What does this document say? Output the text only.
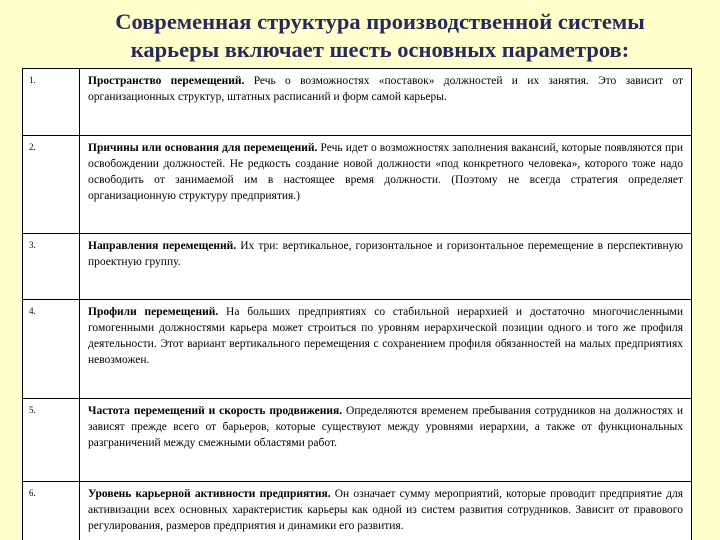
Современная структура производственной системы
карьеры включает шесть основных параметров:
1.	Пространство перемещений. Речь о возможностях «поставок» должностей и их занятия. Это зависит от организационных структур, штатных расписаний и форм самой карьеры.
2.	Причины или основания для перемещений. Речь идет о возможностях заполнения вакансий, которые появляются при освобождении должностей. Не редкость создание новой должности «под конкретного человека», которого тоже надо освободить от занимаемой им в настоящее время должности. (Поэтому не всегда стратегия определяет организационную структуру предприятия.)
3.	Направления перемещений. Их три: вертикальное, горизонтальное и горизонтальное перемещение в перспективную проектную группу.
4.	Профили перемещений. На больших предприятиях со стабильной иерархией и достаточно многочисленными гомогенными должностями карьера может строиться по уровням иерархической позиции одного и того же профиля деятельности. Этот вариант вертикального перемещения с сохранением профиля обязанностей на малых предприятиях невозможен.
5.	Частота перемещений и скорость продвижения. Определяются временем пребывания сотрудников на должностях и зависят прежде всего от барьеров, которые существуют между уровнями иерархии, а также от функциональных разграничений между смежными областями работ.
6.	Уровень карьерной активности предприятия. Он означает сумму мероприятий, которые проводит предприятие для активизации всех основных характеристик карьеры как одной из систем развития сотрудников. Зависит от правового регулирования, размеров предприятия и динамики его развития.
